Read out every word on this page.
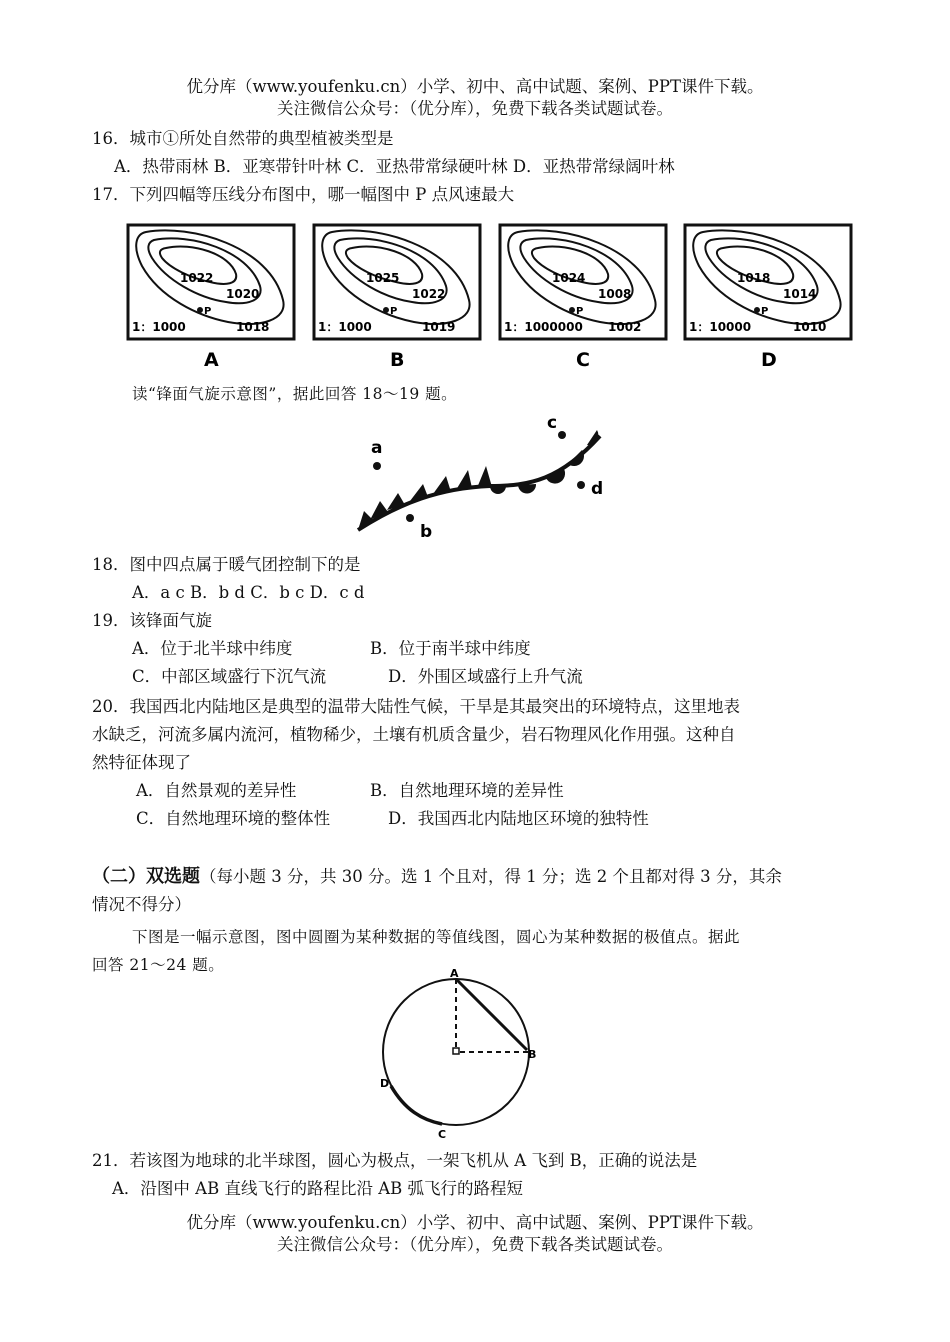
优分库（www.youfenku.cn）小学、初中、高中试题、案例、PPT课件下载。
关注微信公众号：（优分库），免费下载各类试题试卷。
16．城市①所处自然带的典型植被类型是
A．热带雨林 B．亚寒带针叶林 C．亚热带常绿硬叶林 D．亚热带常绿阔叶林
17．下列四幅等压线分布图中，哪一幅图中 P 点风速最大
1022
1020
1018
1：1000
P
A
1025
1022
1019
1：1000
P
B
1024
1008
1002
1：1000000
P
C
1018
1014
1010
1：10000
P
D
读“锋面气旋示意图”，据此回答 18～19 题。
a
b
c
d
18．图中四点属于暖气团控制下的是
A．a c B．b d C．b c D．c d
19．该锋面气旋
A．位于北半球中纬度	B．位于南半球中纬度
C．中部区域盛行下沉气流	D．外围区域盛行上升气流
20．我国西北内陆地区是典型的温带大陆性气候，干旱是其最突出的环境特点，这里地表
水缺乏，河流多属内流河，植物稀少，土壤有机质含量少，岩石物理风化作用强。这种自
然特征体现了
A．自然景观的差异性	B．自然地理环境的差异性
C．自然地理环境的整体性	D．我国西北内陆地区环境的独特性
（二）双选题（每小题 3 分，共 30 分。选 1 个且对，得 1 分；选 2 个且都对得 3 分，其余
情况不得分）
下图是一幅示意图，图中圆圈为某种数据的等值线图，圆心为某种数据的极值点。据此
回答 21～24 题。	A
B
C
D
21．若该图为地球的北半球图，圆心为极点，一架飞机从 A 飞到 B，正确的说法是
A．沿图中 AB 直线飞行的路程比沿 AB 弧飞行的路程短
优分库（www.youfenku.cn）小学、初中、高中试题、案例、PPT课件下载。
关注微信公众号：（优分库），免费下载各类试题试卷。
